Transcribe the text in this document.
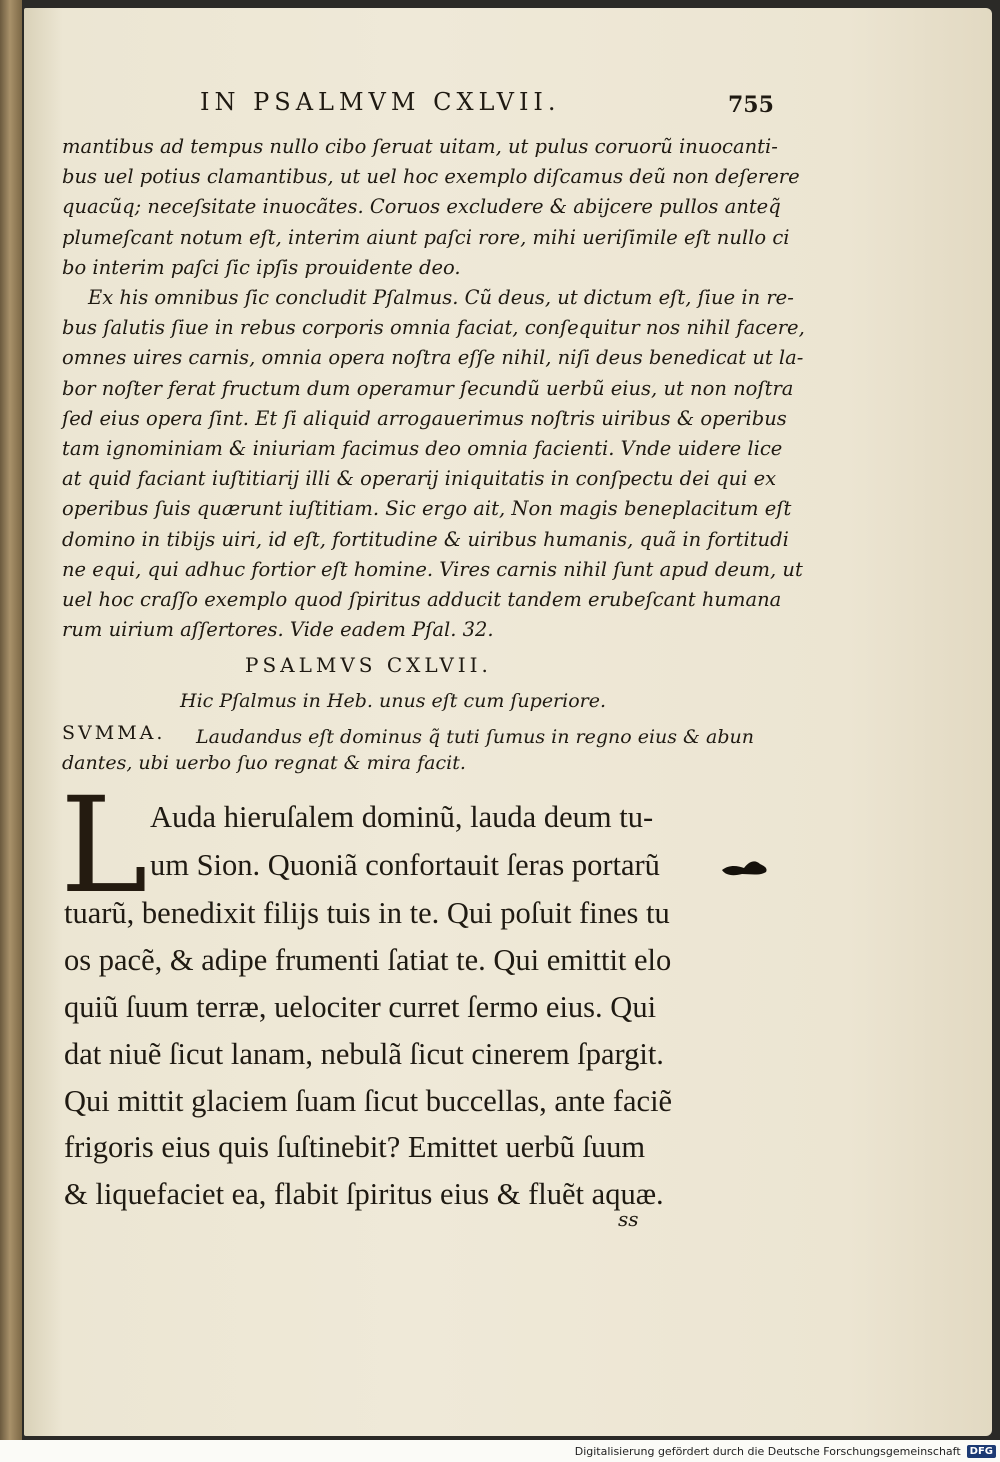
IN PSALMVM CXLVII.	755

mantibus ad tempus nullo cibo ſeruat uitam, ut pulus coruorũ inuocanti-

bus uel potius clamantibus, ut uel hoc exemplo diſcamus deũ non deſerere

quacũq; neceſsitate inuocãtes. Coruos excludere & abijcere pullos anteq̃

plumeſcant notum eſt, interim aiunt paſci rore, mihi ueriſimile eſt nullo ci

bo interim paſci ſic ipſis prouidente deo.

Ex his omnibus ſic concludit Pſalmus. Cũ deus, ut dictum eſt, ſiue in re-

bus ſalutis ſiue in rebus corporis omnia faciat, conſequitur nos nihil facere,

omnes uires carnis, omnia opera noſtra eſſe nihil, niſi deus benedicat ut la-

bor noſter ferat fructum dum operamur ſecundũ uerbũ eius, ut non noſtra

ſed eius opera ſint. Et ſi aliquid arrogauerimus noſtris uiribus & operibus

tam ignominiam & iniuriam facimus deo omnia facienti. Vnde uidere lice

at quid faciant iuſtitiarij illi & operarij iniquitatis in conſpectu dei qui ex

operibus ſuis quærunt iuſtitiam. Sic ergo ait, Non magis beneplacitum eſt

domino in tibijs uiri, id eſt, fortitudine & uiribus humanis, quã in fortitudi

ne equi, qui adhuc fortior eſt homine. Vires carnis nihil ſunt apud deum, ut

uel hoc craſſo exemplo quod ſpiritus adducit tandem erubeſcant humana

rum uirium aſſertores. Vide eadem Pſal. 32.

PSALMVS CXLVII.
Hic Pſalmus in Heb. unus eſt cum ſuperiore.
SVMMA. Laudandus eſt dominus q̃ tuti ſumus in regno eius & abun
dantes, ubi uerbo ſuo regnat & mira facit.
L Auda hieruſalem dominũ, lauda deum tu-

um Sion. Quoniã confortauit ſeras portarũ

tuarũ, benedixit filijs tuis in te. Qui poſuit fines tu

os pacẽ, & adipe frumenti ſatiat te. Qui emittit elo

quiũ ſuum terræ, uelociter curret ſermo eius. Qui

dat niuẽ ſicut lanam, nebulã ſicut cinerem ſpargit.

Qui mittit glaciem ſuam ſicut buccellas, ante faciẽ

frigoris eius quis ſuſtinebit? Emittet uerbũ ſuum

& liquefaciet ea, flabit ſpiritus eius & fluẽt aquæ.

ss
Digitalisierung gefördert durch die Deutsche Forschungsgemeinschaft DFG
